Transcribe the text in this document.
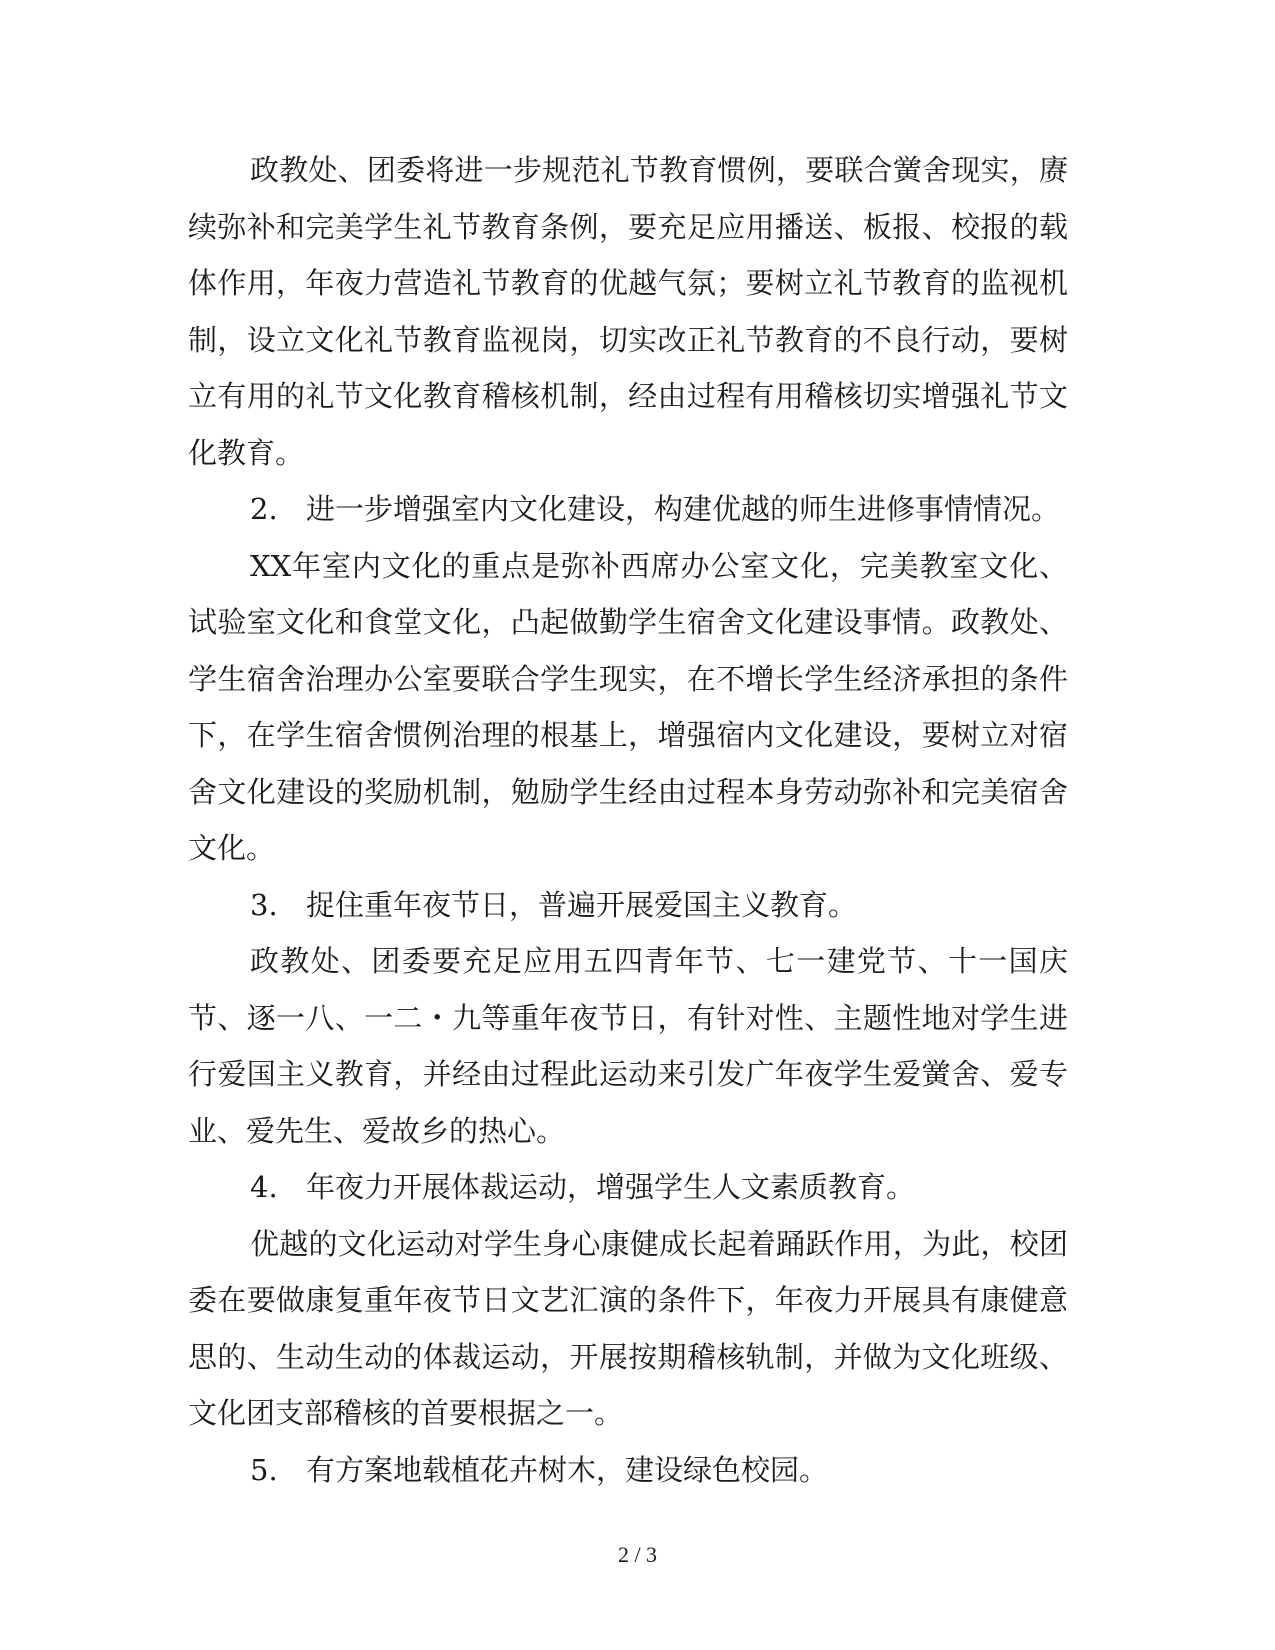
政教处、团委将进一步规范礼节教育惯例，要联合黉舍现实，赓续弥补和完美学生礼节教育条例，要充足应用播送、板报、校报的载体作用，年夜力营造礼节教育的优越气氛；要树立礼节教育的监视机制，设立文化礼节教育监视岗，切实改正礼节教育的不良行动，要树立有用的礼节文化教育稽核机制，经由过程有用稽核切实增强礼节文化教育。

2. 进一步增强室内文化建设，构建优越的师生进修事情情况。

XX年室内文化的重点是弥补西席办公室文化，完美教室文化、试验室文化和食堂文化，凸起做勤学生宿舍文化建设事情。政教处、学生宿舍治理办公室要联合学生现实，在不增长学生经济承担的条件下，在学生宿舍惯例治理的根基上，增强宿内文化建设，要树立对宿舍文化建设的奖励机制，勉励学生经由过程本身劳动弥补和完美宿舍文化。

3. 捉住重年夜节日，普遍开展爱国主义教育。

政教处、团委要充足应用五四青年节、七一建党节、十一国庆节、逐一八、一二・九等重年夜节日，有针对性、主题性地对学生进行爱国主义教育，并经由过程此运动来引发广年夜学生爱黉舍、爱专业、爱先生、爱故乡的热心。

4. 年夜力开展体裁运动，增强学生人文素质教育。

优越的文化运动对学生身心康健成长起着踊跃作用，为此，校团委在要做康复重年夜节日文艺汇演的条件下，年夜力开展具有康健意思的、生动生动的体裁运动，开展按期稽核轨制，并做为文化班级、文化团支部稽核的首要根据之一。

5. 有方案地载植花卉树木，建设绿色校园。

2 / 3
